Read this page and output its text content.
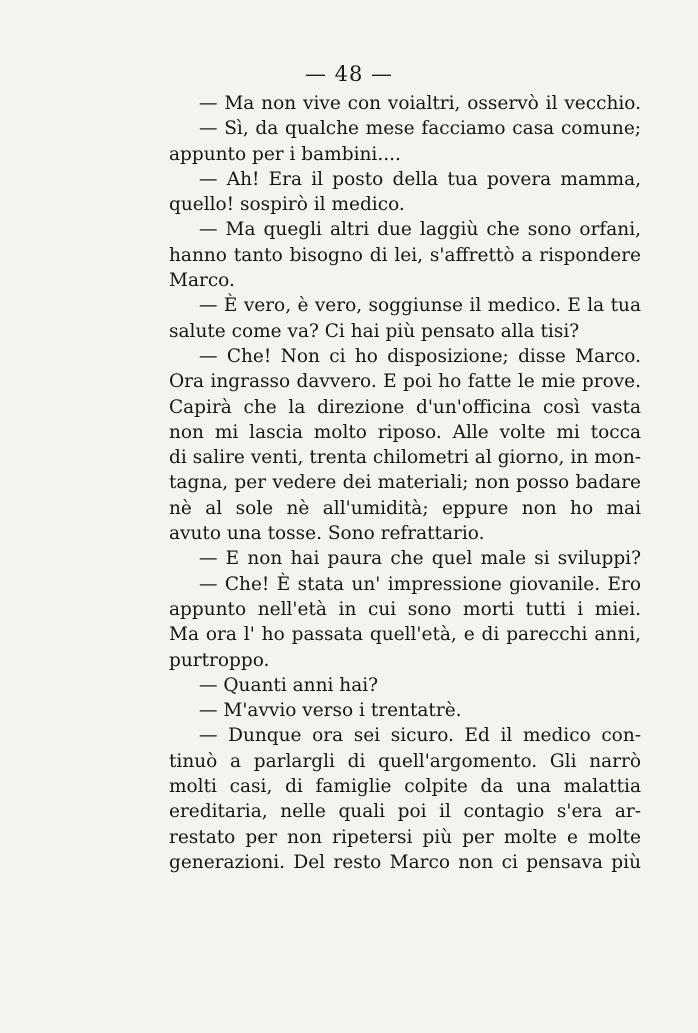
— 48 —
— Ma non vive con voialtri, osservò il vecchio.
— Sì, da qualche mese facciamo casa comune;
appunto per i bambini....
— Ah! Era il posto della tua povera mamma,
quello! sospirò il medico.
— Ma quegli altri due laggiù che sono orfani,
hanno tanto bisogno di lei, s'affrettò a rispondere
Marco.
— È vero, è vero, soggiunse il medico. E la tua
salute come va? Ci hai più pensato alla tisi?
— Che! Non ci ho disposizione; disse Marco.
Ora ingrasso davvero. E poi ho fatte le mie prove.
Capirà che la direzione d'un'officina così vasta
non mi lascia molto riposo. Alle volte mi tocca
di salire venti, trenta chilometri al giorno, in mon-
tagna, per vedere dei materiali; non posso badare
nè al sole nè all'umidità; eppure non ho mai
avuto una tosse. Sono refrattario.
— E non hai paura che quel male si sviluppi?
— Che! È stata un' impressione giovanile. Ero
appunto nell'età in cui sono morti tutti i miei.
Ma ora l' ho passata quell'età, e di parecchi anni,
purtroppo.
— Quanti anni hai?
— M'avvio verso i trentatrè.
— Dunque ora sei sicuro. Ed il medico con-
tinuò a parlargli di quell'argomento. Gli narrò
molti casi, di famiglie colpite da una malattia
ereditaria, nelle quali poi il contagio s'era ar-
restato per non ripetersi più per molte e molte
generazioni. Del resto Marco non ci pensava più
